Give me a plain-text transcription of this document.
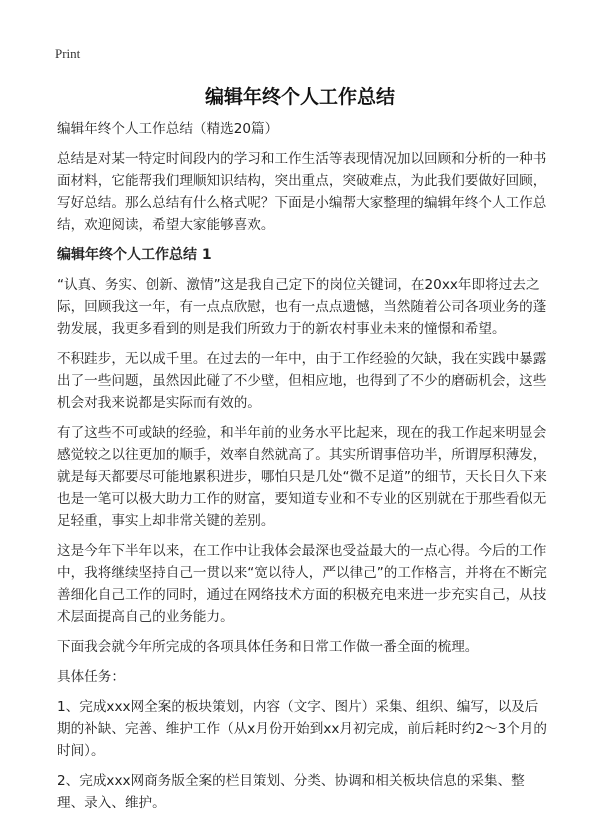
Print
编辑年终个人工作总结

编辑年终个人工作总结（精选20篇）

总结是对某一特定时间段内的学习和工作生活等表现情况加以回顾和分析的一种书面材料，它能帮我们理顺知识结构，突出重点，突破难点，为此我们要做好回顾，写好总结。那么总结有什么格式呢？下面是小编帮大家整理的编辑年终个人工作总结，欢迎阅读，希望大家能够喜欢。

编辑年终个人工作总结 1

“认真、务实、创新、激情”这是我自己定下的岗位关键词，在20xx年即将过去之际，回顾我这一年，有一点点欣慰，也有一点点遗憾，当然随着公司各项业务的蓬勃发展，我更多看到的则是我们所致力于的新农村事业未来的憧憬和希望。

不积跬步，无以成千里。在过去的一年中，由于工作经验的欠缺，我在实践中暴露出了一些问题，虽然因此碰了不少壁，但相应地，也得到了不少的磨砺机会，这些机会对我来说都是实际而有效的。

有了这些不可或缺的经验，和半年前的业务水平比起来，现在的我工作起来明显会感觉较之以往更加的顺手，效率自然就高了。其实所谓事倍功半，所谓厚积薄发，就是每天都要尽可能地累积进步，哪怕只是几处“微不足道”的细节，天长日久下来也是一笔可以极大助力工作的财富，要知道专业和不专业的区别就在于那些看似无足轻重，事实上却非常关键的差别。

这是今年下半年以来，在工作中让我体会最深也受益最大的一点心得。今后的工作中，我将继续坚持自己一贯以来“宽以待人，严以律己”的工作格言，并将在不断完善细化自己工作的同时，通过在网络技术方面的积极充电来进一步充实自己，从技术层面提高自己的业务能力。

下面我会就今年所完成的各项具体任务和日常工作做一番全面的梳理。

具体任务：

1、完成xxx网全案的板块策划，内容（文字、图片）采集、组织、编写，以及后期的补缺、完善、维护工作（从x月份开始到xx月初完成，前后耗时约2～3个月的时间）。

2、完成xxx网商务版全案的栏目策划、分类、协调和相关板块信息的采集、整理、录入、维护。
